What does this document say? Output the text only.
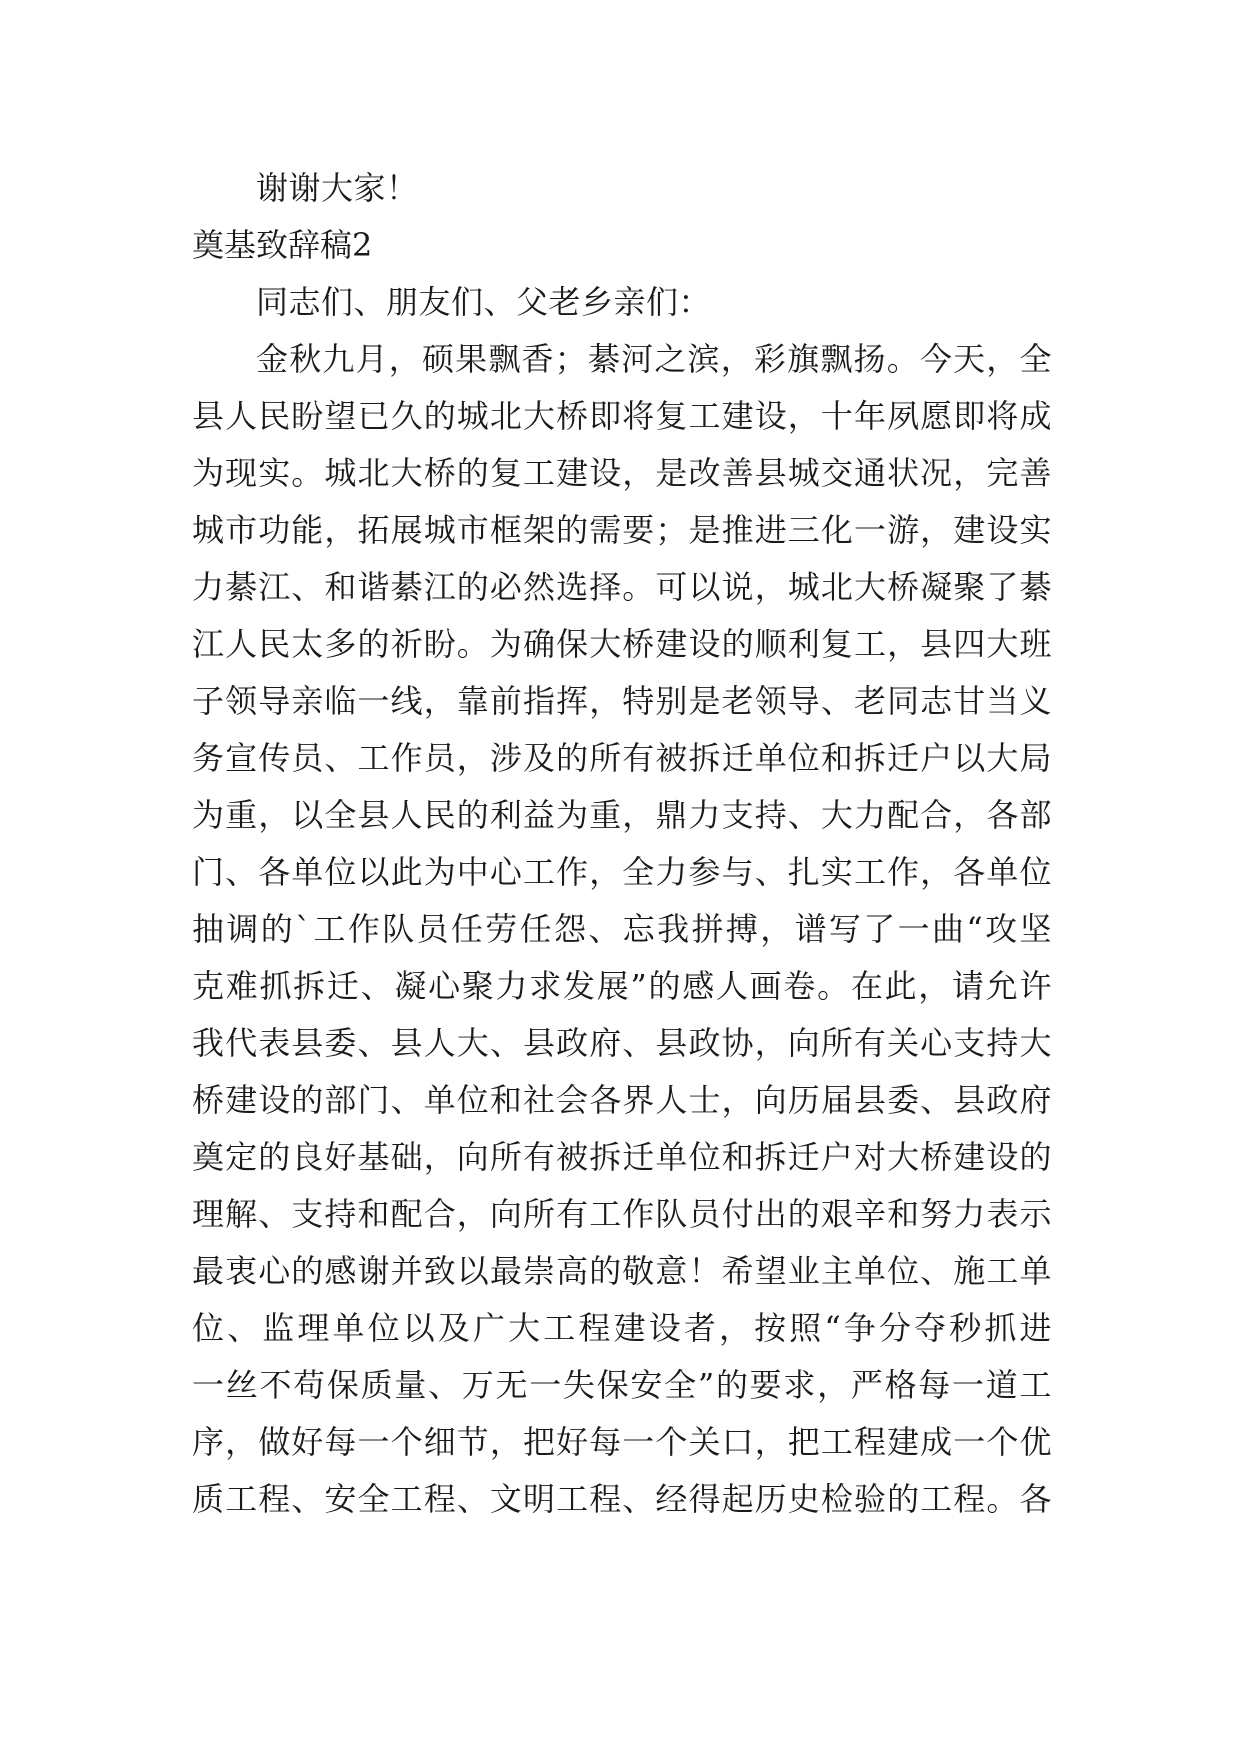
谢谢大家！
奠基致辞稿2
同志们、朋友们、父老乡亲们：
金秋九月，硕果飘香；綦河之滨，彩旗飘扬。今天，全
县人民盼望已久的城北大桥即将复工建设，十年夙愿即将成
为现实。城北大桥的复工建设，是改善县城交通状况，完善
城市功能，拓展城市框架的需要；是推进三化一游，建设实
力綦江、和谐綦江的必然选择。可以说，城北大桥凝聚了綦
江人民太多的祈盼。为确保大桥建设的顺利复工，县四大班
子领导亲临一线，靠前指挥，特别是老领导、老同志甘当义
务宣传员、工作员，涉及的所有被拆迁单位和拆迁户以大局
为重，以全县人民的利益为重，鼎力支持、大力配合，各部
门、各单位以此为中心工作，全力参与、扎实工作，各单位
抽调的`工作队员任劳任怨、忘我拼搏，谱写了一曲“攻坚
克难抓拆迁、凝心聚力求发展”的感人画卷。在此，请允许
我代表县委、县人大、县政府、县政协，向所有关心支持大
桥建设的部门、单位和社会各界人士，向历届县委、县政府
奠定的良好基础，向所有被拆迁单位和拆迁户对大桥建设的
理解、支持和配合，向所有工作队员付出的艰辛和努力表示
最衷心的感谢并致以最崇高的敬意！希望业主单位、施工单
位、监理单位以及广大工程建设者，按照“争分夺秒抓进
一丝不苟保质量、万无一失保安全”的要求，严格每一道工
序，做好每一个细节，把好每一个关口，把工程建成一个优
质工程、安全工程、文明工程、经得起历史检验的工程。各
